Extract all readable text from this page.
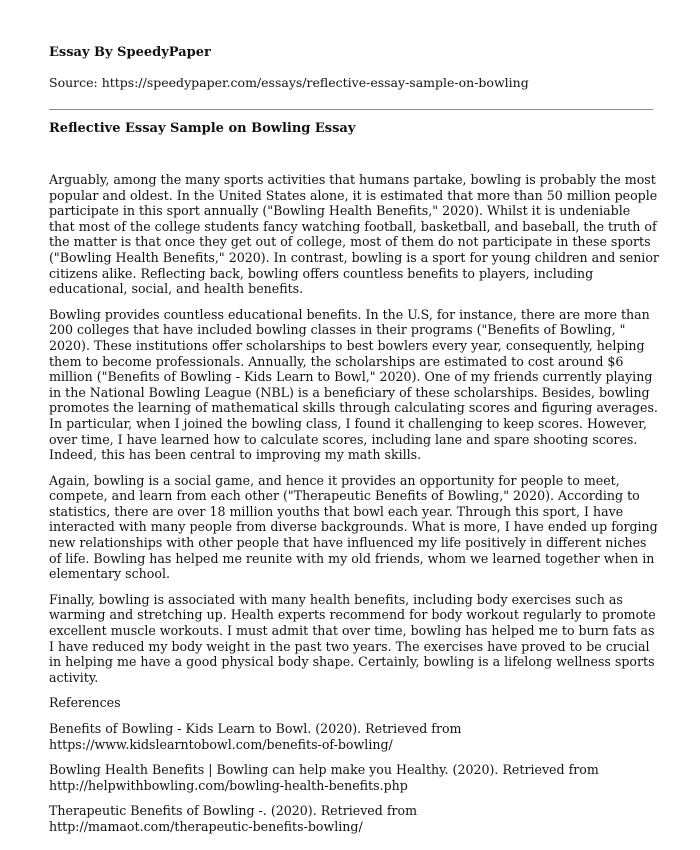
Essay By SpeedyPaper

Source: https://speedypaper.com/essays/reflective-essay-sample-on-bowling

Reflective Essay Sample on Bowling Essay

Arguably, among the many sports activities that humans partake, bowling is probably the most popular and oldest. In the United States alone, it is estimated that more than 50 million people participate in this sport annually ("Bowling Health Benefits," 2020). Whilst it is undeniable that most of the college students fancy watching football, basketball, and baseball, the truth of the matter is that once they get out of college, most of them do not participate in these sports ("Bowling Health Benefits," 2020). In contrast, bowling is a sport for young children and senior citizens alike. Reflecting back, bowling offers countless benefits to players, including educational, social, and health benefits.

Bowling provides countless educational benefits. In the U.S, for instance, there are more than 200 colleges that have included bowling classes in their programs ("Benefits of Bowling, " 2020). These institutions offer scholarships to best bowlers every year, consequently, helping them to become professionals. Annually, the scholarships are estimated to cost around $6 million ("Benefits of Bowling - Kids Learn to Bowl," 2020). One of my friends currently playing in the National Bowling League (NBL) is a beneficiary of these scholarships. Besides, bowling promotes the learning of mathematical skills through calculating scores and figuring averages. In particular, when I joined the bowling class, I found it challenging to keep scores. However, over time, I have learned how to calculate scores, including lane and spare shooting scores. Indeed, this has been central to improving my math skills.

Again, bowling is a social game, and hence it provides an opportunity for people to meet, compete, and learn from each other ("Therapeutic Benefits of Bowling," 2020). According to statistics, there are over 18 million youths that bowl each year. Through this sport, I have interacted with many people from diverse backgrounds. What is more, I have ended up forging new relationships with other people that have influenced my life positively in different niches of life. Bowling has helped me reunite with my old friends, whom we learned together when in elementary school.

Finally, bowling is associated with many health benefits, including body exercises such as warming and stretching up. Health experts recommend for body workout regularly to promote excellent muscle workouts. I must admit that over time, bowling has helped me to burn fats as I have reduced my body weight in the past two years. The exercises have proved to be crucial in helping me have a good physical body shape. Certainly, bowling is a lifelong wellness sports activity.

References

Benefits of Bowling - Kids Learn to Bowl. (2020). Retrieved from
https://www.kidslearntobowl.com/benefits-of-bowling/

Bowling Health Benefits | Bowling can help make you Healthy. (2020). Retrieved from
http://helpwithbowling.com/bowling-health-benefits.php

Therapeutic Benefits of Bowling -. (2020). Retrieved from
http://mamaot.com/therapeutic-benefits-bowling/
